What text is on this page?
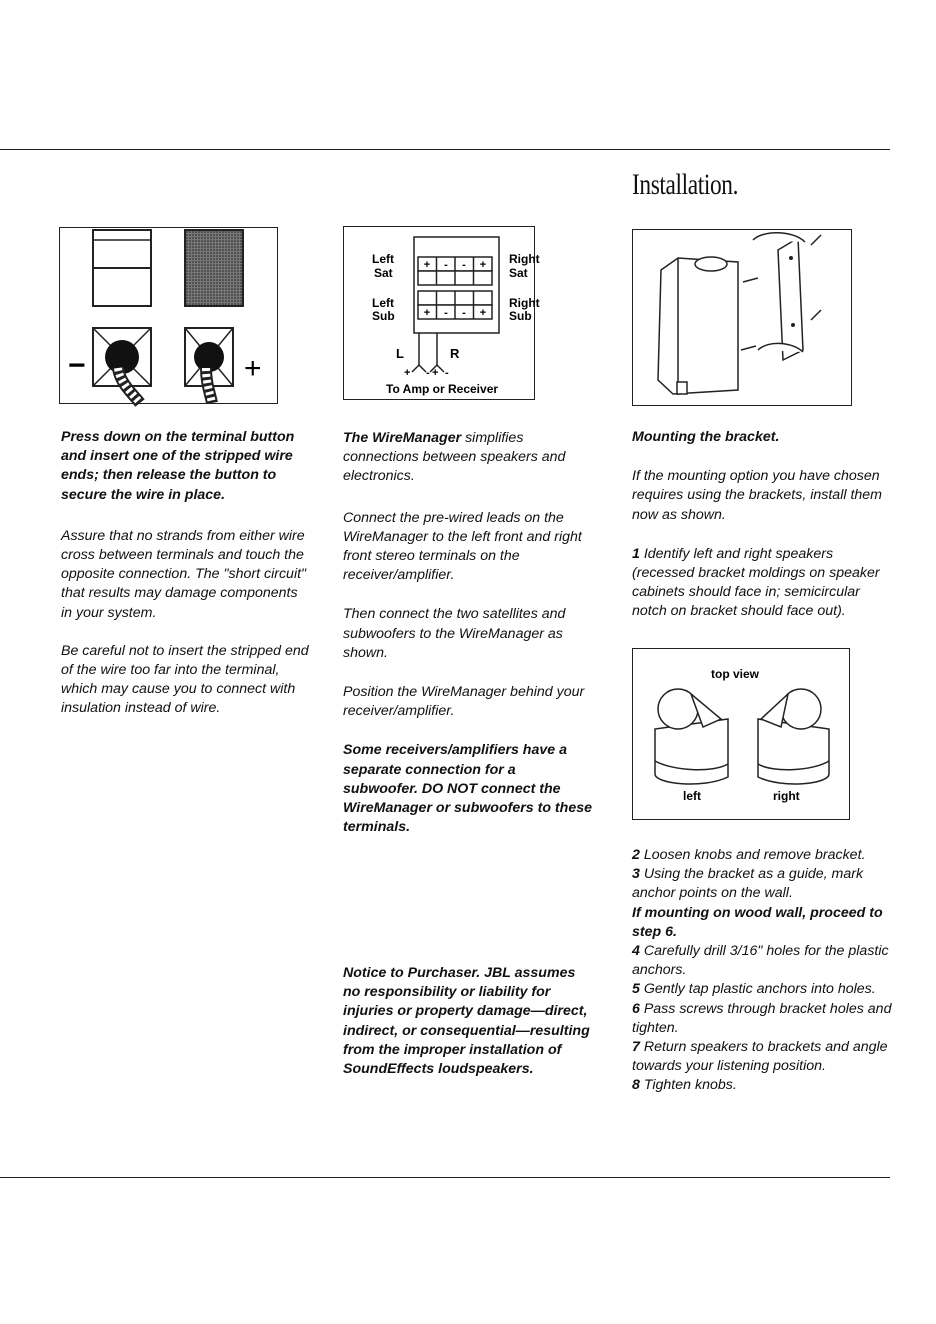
Installation.
−	+

Press down on the terminal button and insert one of the stripped wire ends; then release the button to secure the wire in place.

Assure that no strands from either wire cross between terminals and touch the opposite connection. The "short circuit" that results may damage components in your system.

Be careful not to insert the stripped end of the wire too far into the terminal, which may cause you to connect with insulation instead of wire.

Left
Sat
Left
Sub
Right
Sat
Right
Sub
+ - - +
+ - - +
L	R
+ - + -
To Amp or Receiver

The WireManager simplifies connections between speakers and electronics.

Connect the pre-wired leads on the WireManager to the left front and right front stereo terminals on the receiver/amplifier.

Then connect the two satellites and subwoofers to the WireManager as shown.

Position the WireManager behind your receiver/amplifier.

Some receivers/amplifiers have a separate connection for a subwoofer. DO NOT connect the WireManager or subwoofers to these terminals.

Notice to Purchaser. JBL assumes no responsibility or liability for injuries or property damage—direct, indirect, or consequential—resulting from the improper installation of SoundEffects loudspeakers.

Mounting the bracket.

If the mounting option you have chosen requires using the brackets, install them now as shown.

1 Identify left and right speakers (recessed bracket moldings on speaker cabinets should face in; semicircular notch on bracket should face out).

top view
left	right
2 Loosen knobs and remove bracket.
3 Using the bracket as a guide, mark anchor points on the wall.
If mounting on wood wall, proceed to step 6.
4 Carefully drill 3/16" holes for the plastic anchors.
5 Gently tap plastic anchors into holes.
6 Pass screws through bracket holes and tighten.
7 Return speakers to brackets and angle towards your listening position.
8 Tighten knobs.
